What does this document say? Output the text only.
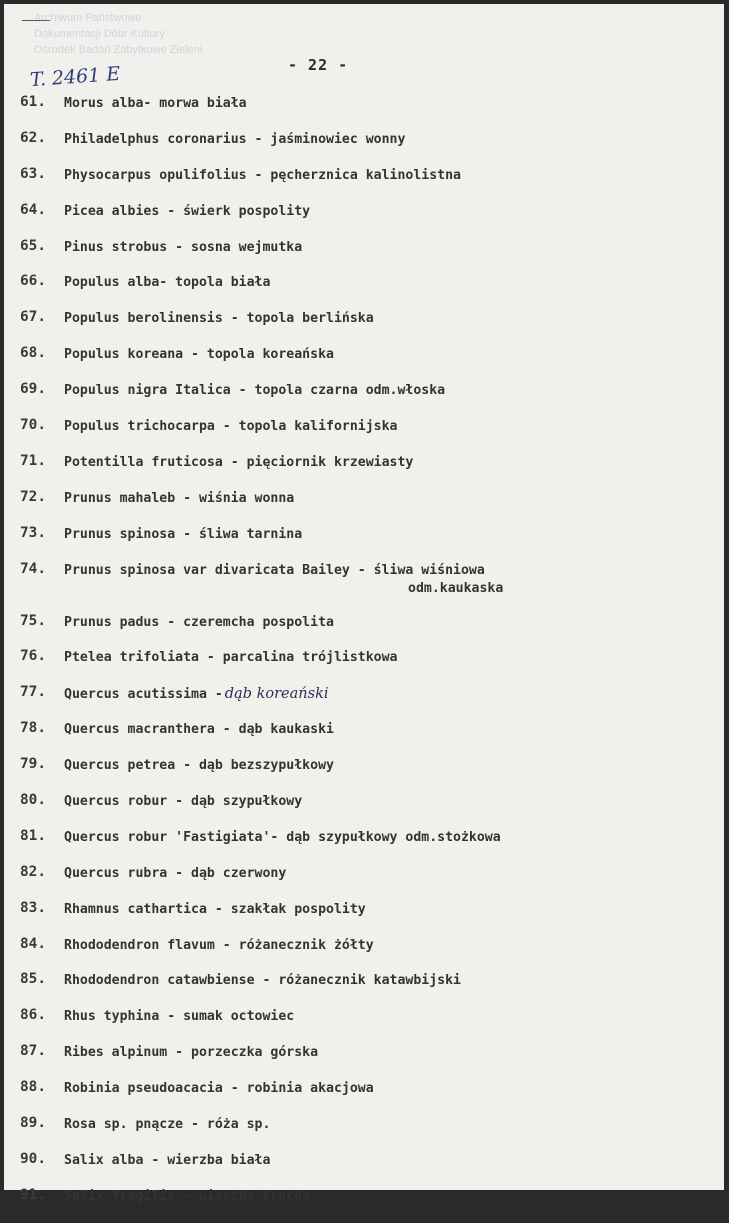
Archiwum Państwowe
Dokumentacji Dóbr Kultury
Ośrodek Badań Zabytkowe Zieleni
- 22 -
T. 2461 E
61. Morus alba- morwa biała
62. Philadelphus coronarius - jaśminowiec wonny
63. Physocarpus opulifolius - pęcherznica kalinolistna
64. Picea albies - świerk pospolity
65. Pinus strobus - sosna wejmutka
66. Populus alba- topola biała
67. Populus berolinensis - topola berlińska
68. Populus koreana - topola koreańska
69. Populus nigra Italica - topola czarna odm.włoska
70. Populus trichocarpa - topola kalifornijska
71. Potentilla fruticosa - pięciornik krzewiasty
72. Prunus mahaleb - wiśnia wonna
73. Prunus spinosa - śliwa tarnina
74. Prunus spinosa var divaricata Bailey - śliwa wiśniowa
odm.kaukaska
75. Prunus padus - czeremcha pospolita
76. Ptelea trifoliata - parcalina trójlistkowa
77. Quercus acutissima - dąb koreański
78. Quercus macranthera - dąb kaukaski
79. Quercus petrea - dąb bezszypułkowy
80. Quercus robur - dąb szypułkowy
81. Quercus robur 'Fastigiata'- dąb szypułkowy odm.stożkowa
82. Quercus rubra - dąb czerwony
83. Rhamnus cathartica - szakłak pospolity
84. Rhododendron flavum - różanecznik żółty
85. Rhododendron catawbiense - różanecznik katawbijski
86. Rhus typhina - sumak octowiec
87. Ribes alpinum - porzeczka górska
88. Robinia pseudoacacia - robinia akacjowa
89. Rosa sp. pnącze - róża sp.
90. Salix alba - wierzba biała
91. Salix fragilis - wierzba krucha
